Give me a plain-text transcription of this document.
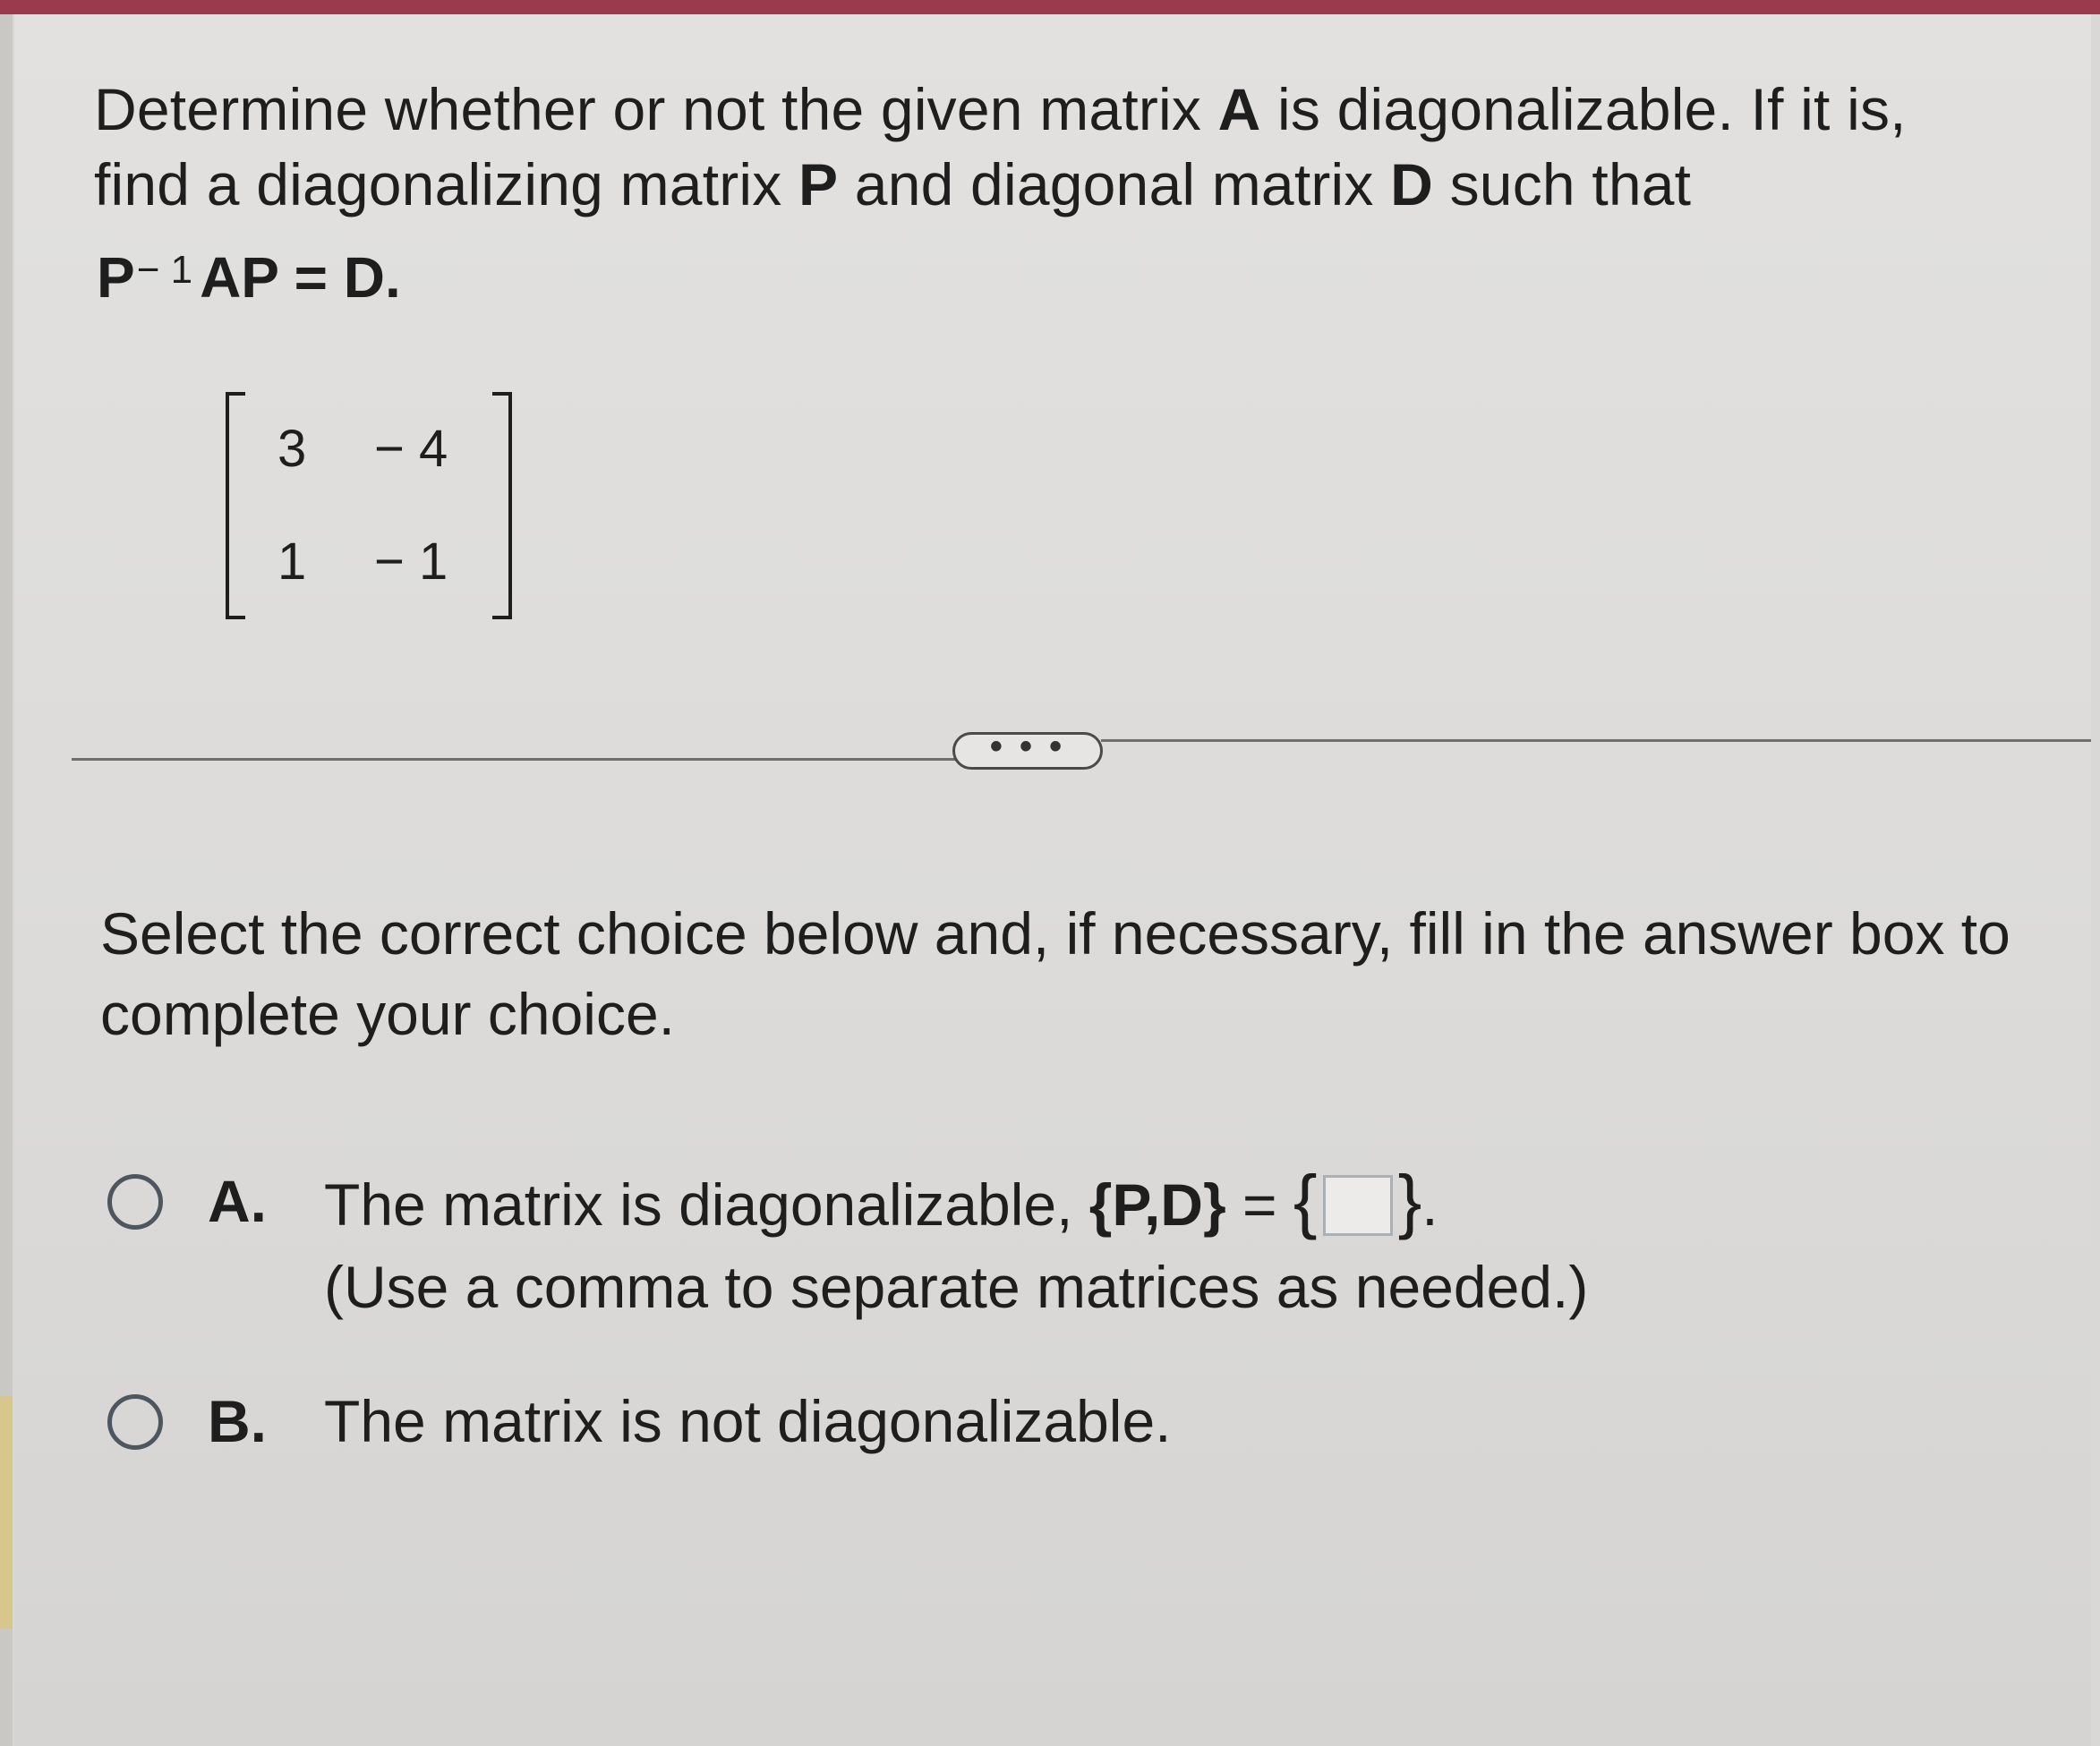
Determine whether or not the given matrix A is diagonalizable. If it is,
find a diagonalizing matrix P and diagonal matrix D such that
$P^{- 1}$ AP = D.
3 − 4
1 − 1
• • •
Select the correct choice below and, if necessary, fill in the answer box to complete your choice.
A. The matrix is diagonalizable, {P,D} = { }.
(Use a comma to separate matrices as needed.)
B. The matrix is not diagonalizable.
